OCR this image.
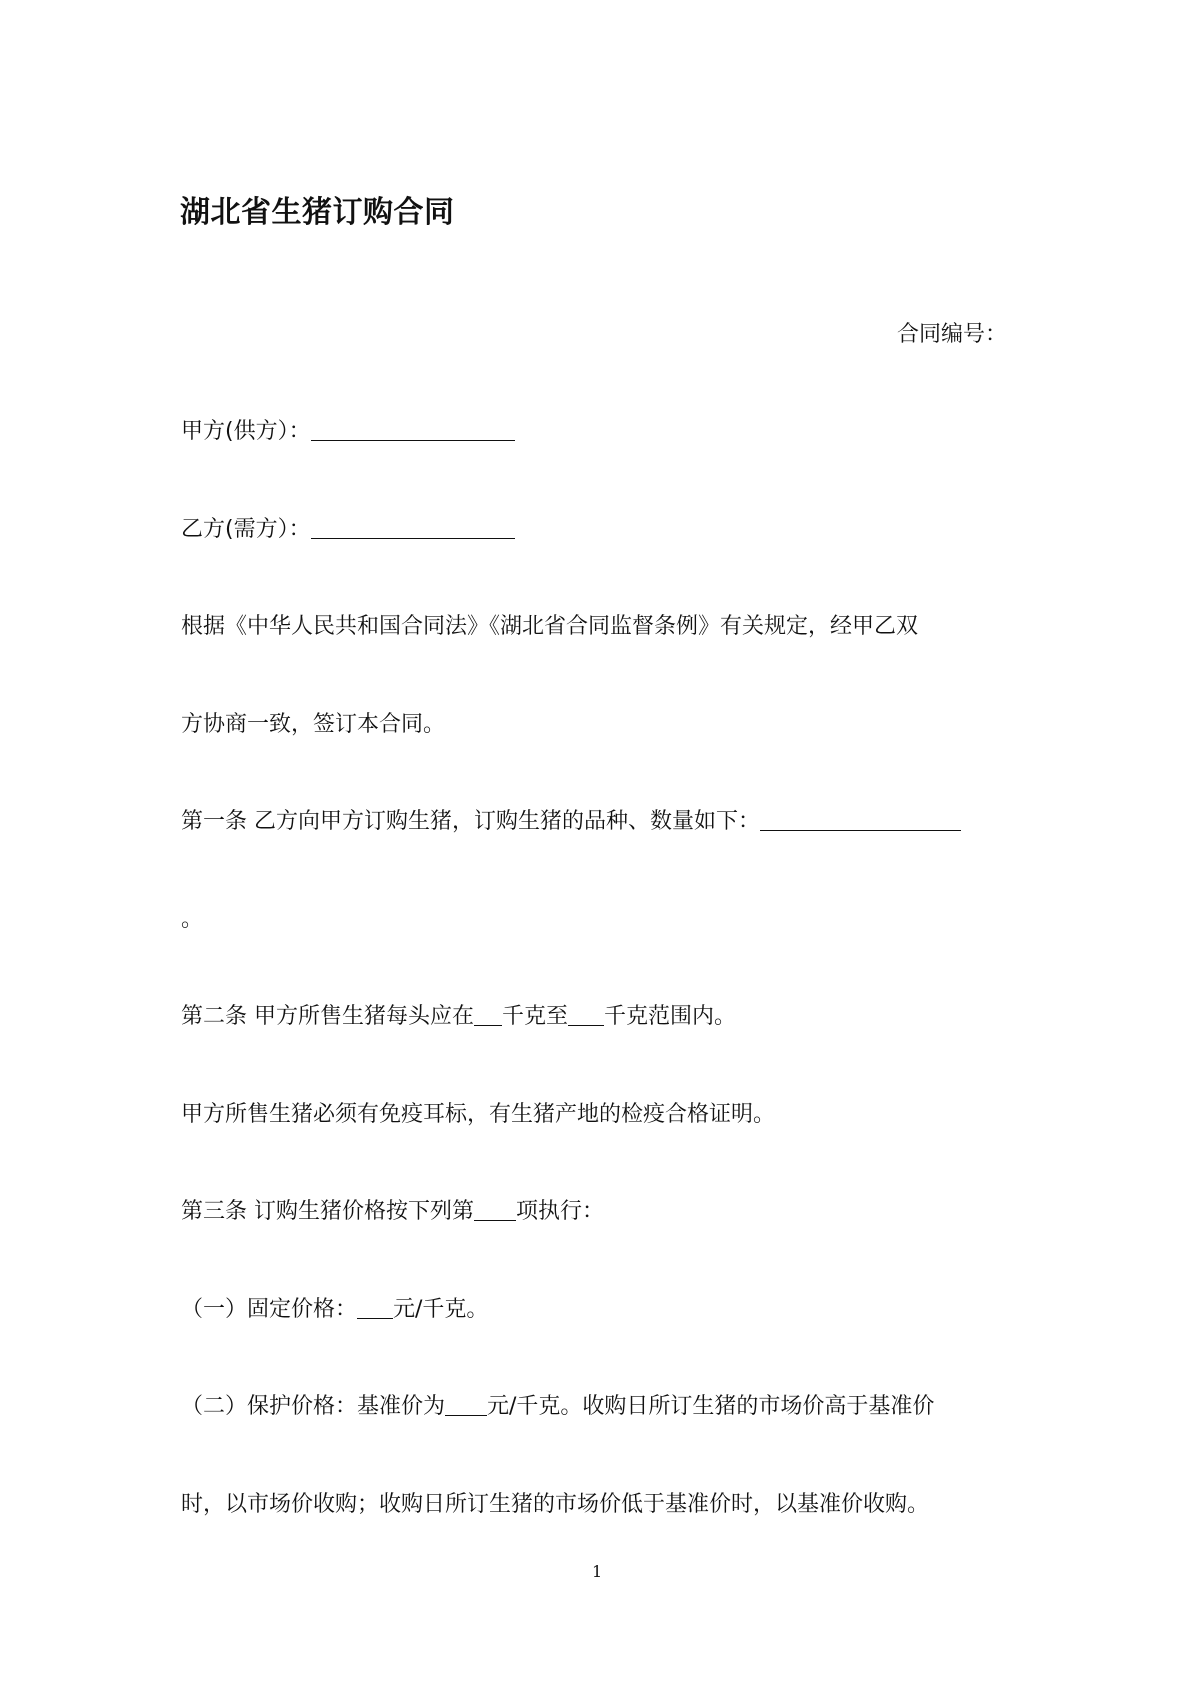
湖北省生猪订购合同
合同编号：
甲方(供方）：
乙方(需方）：
根据《中华人民共和国合同法》《湖北省合同监督条例》有关规定，经甲乙双
方协商一致，签订本合同。
第一条 乙方向甲方订购生猪，订购生猪的品种、数量如下：
。
第二条 甲方所售生猪每头应在 千克至 千克范围内。
甲方所售生猪必须有免疫耳标，有生猪产地的检疫合格证明。
第三条 订购生猪价格按下列第 项执行：
（一）固定价格： 元/千克。
（二）保护价格：基准价为 元/千克。收购日所订生猪的市场价高于基准价
时，以市场价收购；收购日所订生猪的市场价低于基准价时，以基准价收购。
1
